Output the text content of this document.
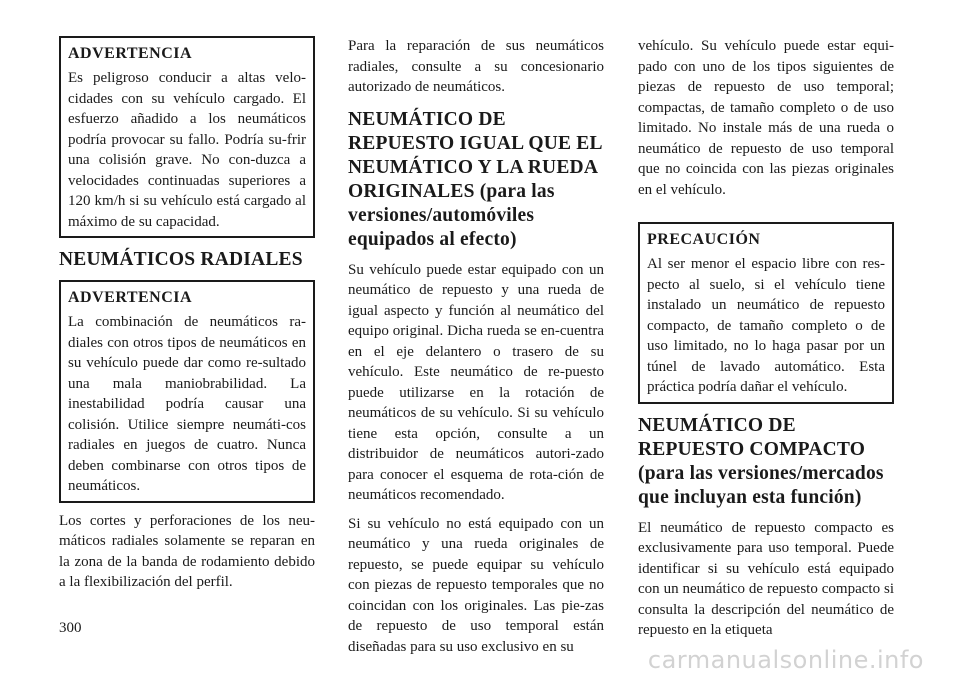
ADVERTENCIA

Es peligroso conducir a altas velo-cidades con su vehículo cargado. El esfuerzo añadido a los neumáticos podría provocar su fallo. Podría su-frir una colisión grave. No con-duzca a velocidades continuadas superiores a 120 km/h si su vehículo está cargado al máximo de su capacidad.

NEUMÁTICOS RADIALES

ADVERTENCIA

La combinación de neumáticos ra-diales con otros tipos de neumáticos en su vehículo puede dar como re-sultado una mala maniobrabilidad. La inestabilidad podría causar una colisión. Utilice siempre neumáti-cos radiales en juegos de cuatro. Nunca deben combinarse con otros tipos de neumáticos.

Los cortes y perforaciones de los neu-máticos radiales solamente se reparan en la zona de la banda de rodamiento debido a la flexibilización del perfil.

Para la reparación de sus neumáticos radiales, consulte a su concesionario autorizado de neumáticos.

NEUMÁTICO DE REPUESTO IGUAL QUE EL NEUMÁTICO Y LA RUEDA ORIGINALES (para las versiones/automóviles equipados al efecto)

Su vehículo puede estar equipado con un neumático de repuesto y una rueda de igual aspecto y función al neumático del equipo original. Dicha rueda se en-cuentra en el eje delantero o trasero de su vehículo. Este neumático de re-puesto puede utilizarse en la rotación de neumáticos de su vehículo. Si su vehículo tiene esta opción, consulte a un distribuidor de neumáticos autori-zado para conocer el esquema de rota-ción de neumáticos recomendado.

Si su vehículo no está equipado con un neumático y una rueda originales de repuesto, se puede equipar su vehículo con piezas de repuesto temporales que no coincidan con los originales. Las pie-zas de repuesto de uso temporal están diseñadas para su uso exclusivo en su

vehículo. Su vehículo puede estar equi-pado con uno de los tipos siguientes de piezas de repuesto de uso temporal; compactas, de tamaño completo o de uso limitado. No instale más de una rueda o neumático de repuesto de uso temporal que no coincida con las piezas originales en el vehículo.

PRECAUCIÓN

Al ser menor el espacio libre con res-pecto al suelo, si el vehículo tiene instalado un neumático de repuesto compacto, de tamaño completo o de uso limitado, no lo haga pasar por un túnel de lavado automático. Esta práctica podría dañar el vehículo.

NEUMÁTICO DE REPUESTO COMPACTO (para las versiones/mercados que incluyan esta función)

El neumático de repuesto compacto es exclusivamente para uso temporal. Puede identificar si su vehículo está equipado con un neumático de repuesto compacto si consulta la descripción del neumático de repuesto en la etiqueta

300
carmanualsonline.info
